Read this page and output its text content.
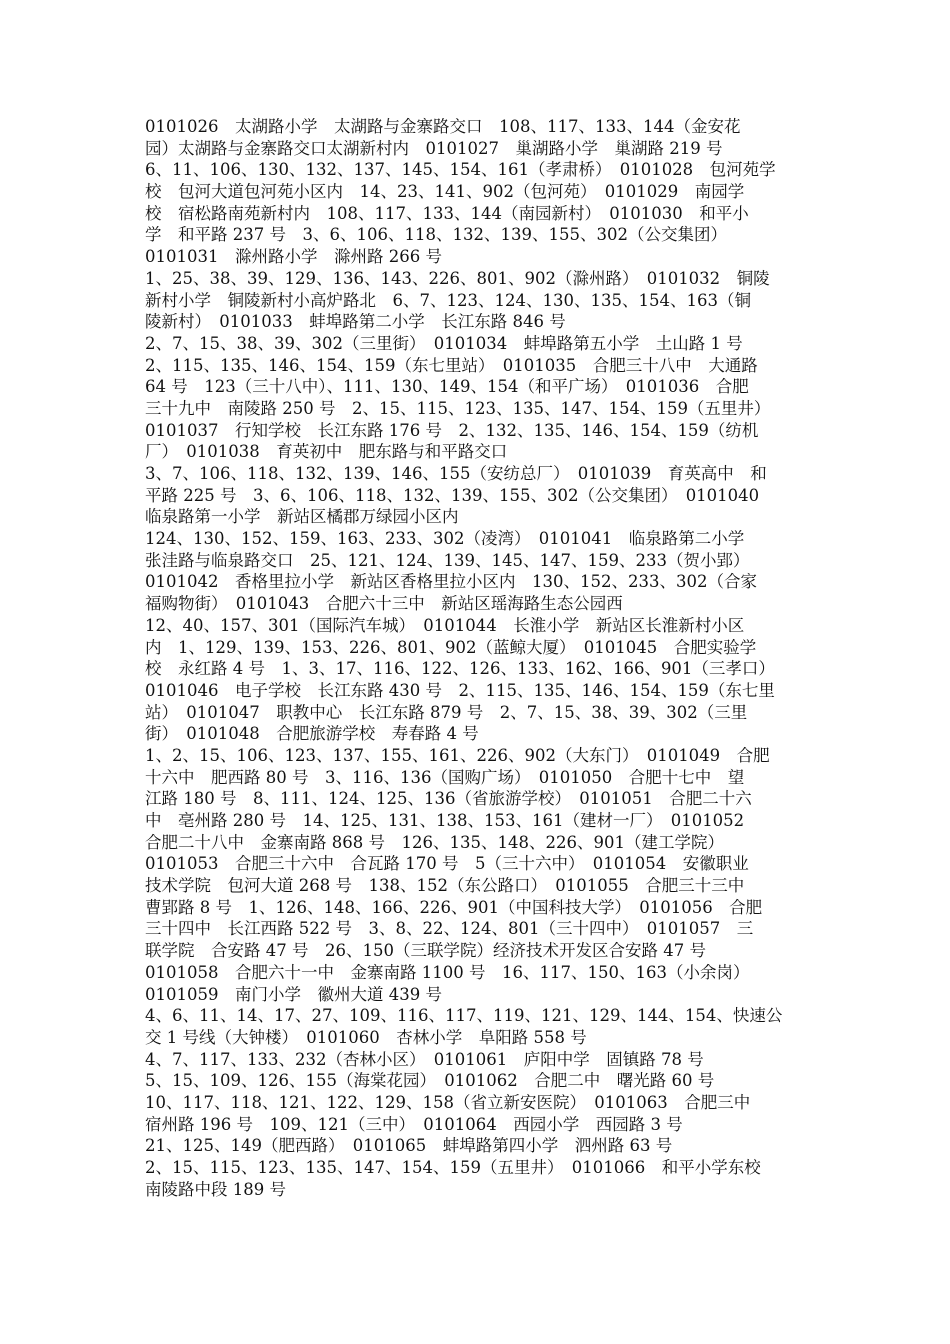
0101026　太湖路小学　太湖路与金寨路交口　108、117、133、144（金安花
园）太湖路与金寨路交口太湖新村内　0101027　巢湖路小学　巢湖路 219 号
6、11、106、130、132、137、145、154、161（孝肃桥）　0101028　包河苑学
校　包河大道包河苑小区内　14、23、141、902（包河苑）　0101029　南园学
校　宿松路南苑新村内　108、117、133、144（南园新村）　0101030　和平小
学　和平路 237 号　3、6、106、118、132、139、155、302（公交集团）
0101031　滁州路小学　滁州路 266 号
1、25、38、39、129、136、143、226、801、902（滁州路）　0101032　铜陵
新村小学　铜陵新村小高炉路北　6、7、123、124、130、135、154、163（铜
陵新村）　0101033　蚌埠路第二小学　长江东路 846 号
2、7、15、38、39、302（三里街）　0101034　蚌埠路第五小学　土山路 1 号
2、115、135、146、154、159（东七里站）　0101035　合肥三十八中　大通路
64 号　123（三十八中）、111、130、149、154（和平广场）　0101036　合肥
三十九中　南陵路 250 号　2、15、115、123、135、147、154、159（五里井）
0101037　行知学校　长江东路 176 号　2、132、135、146、154、159（纺机
厂）　0101038　育英初中　肥东路与和平路交口
3、7、106、118、132、139、146、155（安纺总厂）　0101039　育英高中　和
平路 225 号　3、6、106、118、132、139、155、302（公交集团）　0101040
临泉路第一小学　新站区橘郡万绿园小区内
124、130、152、159、163、233、302（凌湾）　0101041　临泉路第二小学
张洼路与临泉路交口　25、121、124、139、145、147、159、233（贺小郢）
0101042　香格里拉小学　新站区香格里拉小区内　130、152、233、302（合家
福购物街）　0101043　合肥六十三中　新站区瑶海路生态公园西
12、40、157、301（国际汽车城）　0101044　长淮小学　新站区长淮新村小区
内　1、129、139、153、226、801、902（蓝鲸大厦）　0101045　合肥实验学
校　永红路 4 号　1、3、17、116、122、126、133、162、166、901（三孝口）
0101046　电子学校　长江东路 430 号　2、115、135、146、154、159（东七里
站）　0101047　职教中心　长江东路 879 号　2、7、15、38、39、302（三里
街）　0101048　合肥旅游学校　寿春路 4 号
1、2、15、106、123、137、155、161、226、902（大东门）　0101049　合肥
十六中　肥西路 80 号　3、116、136（国购广场）　0101050　合肥十七中　望
江路 180 号　8、111、124、125、136（省旅游学校）　0101051　合肥二十六
中　亳州路 280 号　14、125、131、138、153、161（建材一厂）　0101052
合肥二十八中　金寨南路 868 号　126、135、148、226、901（建工学院）
0101053　合肥三十六中　合瓦路 170 号　5（三十六中）　0101054　安徽职业
技术学院　包河大道 268 号　138、152（东公路口）　0101055　合肥三十三中
曹郢路 8 号　1、126、148、166、226、901（中国科技大学）　0101056　合肥
三十四中　长江西路 522 号　3、8、22、124、801（三十四中）　0101057　三
联学院　合安路 47 号　26、150（三联学院）经济技术开发区合安路 47 号
0101058　合肥六十一中　金寨南路 1100 号　16、117、150、163（小余岗）
0101059　南门小学　徽州大道 439 号
4、6、11、14、17、27、109、116、117、119、121、129、144、154、快速公
交 1 号线（大钟楼）　0101060　杏林小学　阜阳路 558 号
4、7、117、133、232（杏林小区）　0101061　庐阳中学　固镇路 78 号
5、15、109、126、155（海棠花园）　0101062　合肥二中　曙光路 60 号
10、117、118、121、122、129、158（省立新安医院）　0101063　合肥三中
宿州路 196 号　109、121（三中）　0101064　西园小学　西园路 3 号
21、125、149（肥西路）　0101065　蚌埠路第四小学　泗州路 63 号
2、15、115、123、135、147、154、159（五里井）　0101066　和平小学东校
南陵路中段 189 号
